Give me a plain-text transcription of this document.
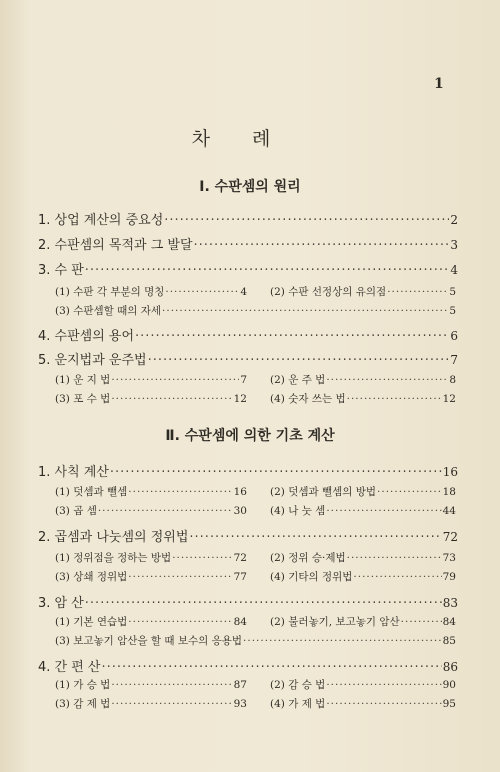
1
차 례
Ⅰ. 수판셈의 원리
1. 상업 계산의 중요성 ·····	2
2. 수판셈의 목적과 그 발달 ·····	3
3. 수 판 ·····	4
(1) 수판 각 부분의 명칭 ·····	4 (2) 수판 선정상의 유의점 ·····	5
(3) 수판셈할 때의 자세 ·····	5
4. 수판셈의 용어 ·····	6
5. 운지법과 운주법 ·····	7
(1) 운 지 법 ·····	7 (2) 운 주 법 ·····	8
(3) 포 수 법 ·····	12 (4) 숫자 쓰는 법 ·····	12
Ⅱ. 수판셈에 의한 기초 계산
1. 사칙 계산 ·····	16
(1) 덧셈과 뺄셈 ·····	16 (2) 덧셈과 뺄셈의 방법 ·····	18
(3) 곱 셈 ·····	30 (4) 나 눗 셈 ·····	44
2. 곱셈과 나눗셈의 정위법 ·····	72
(1) 정위점을 정하는 방법 ·····	72 (2) 정위 승·제법 ·····	73
(3) 상쇄 정위법 ·····	77 (4) 기타의 정위법 ·····	79
3. 암 산 ·····	83
(1) 기본 연습법 ·····	84 (2) 불러놓기, 보고놓기 암산 ·····	84
(3) 보고놓기 암산을 할 때 보수의 응용법 ·····	85
4. 간 편 산 ·····	86
(1) 가 승 법 ·····	87 (2) 감 승 법 ·····	90
(3) 감 제 법 ·····	93 (4) 가 제 법 ·····	95
